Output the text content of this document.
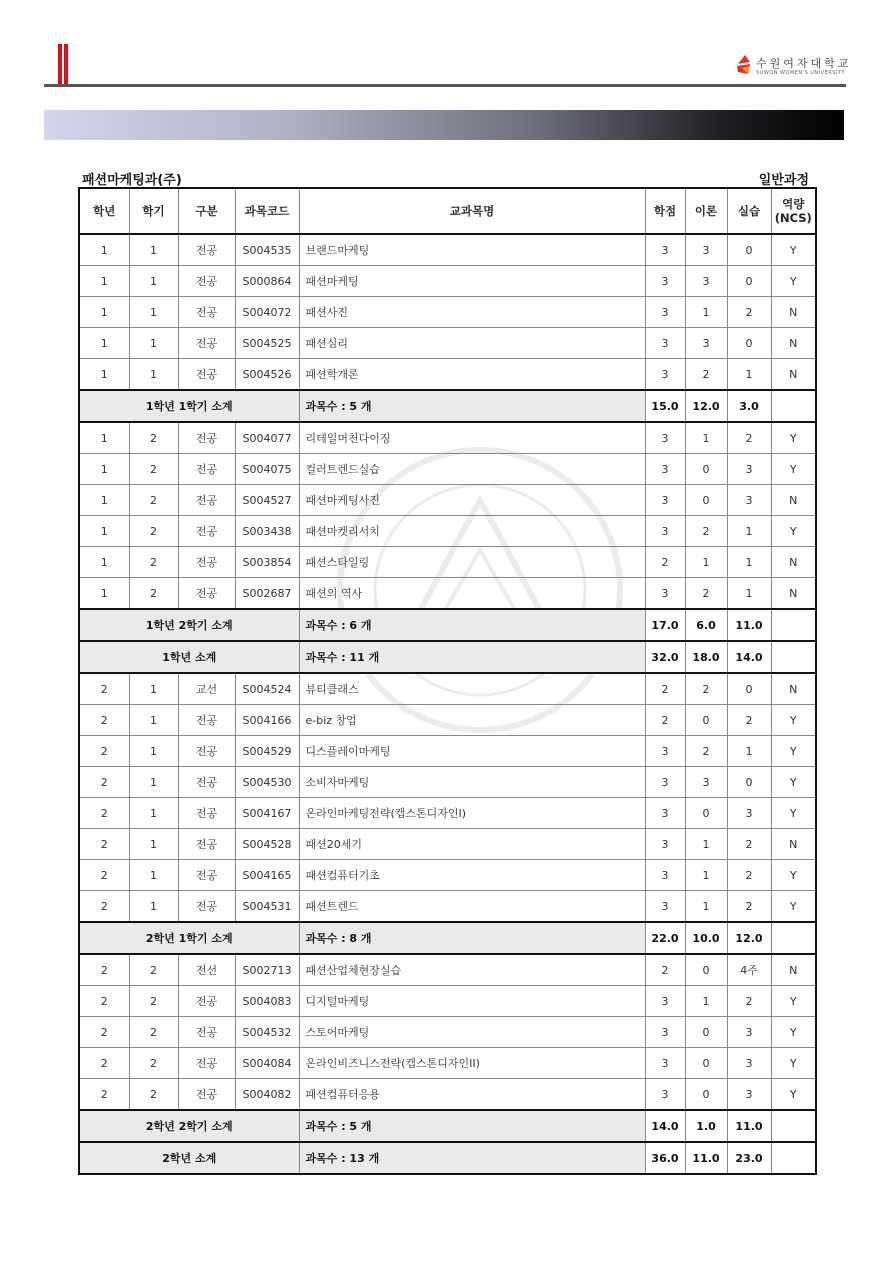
수원여자대학교
SUWON WOMEN'S UNIVERSITY
패션마케팅과(주)	일반과정
학년	학기	구분	과목코드	교과목명	학점	이론	실습	역량
(NCS)
1	1	전공	S004535	브랜드마케팅	3	3	0	Y
1	1	전공	S000864	패션마케팅	3	3	0	Y
1	1	전공	S004072	패션사진	3	1	2	N
1	1	전공	S004525	패션심리	3	3	0	N
1	1	전공	S004526	패션학개론	3	2	1	N
1학년 1학기 소계				과목수 : 5 개	15.0	12.0	3.0	
1	2	전공	S004077	리테일머천다이징	3	1	2	Y
1	2	전공	S004075	컬러트렌드실습	3	0	3	Y
1	2	전공	S004527	패션마케팅사진	3	0	3	N
1	2	전공	S003438	패션마켓리서치	3	2	1	Y
1	2	전공	S003854	패션스타일링	2	1	1	N
1	2	전공	S002687	패션의 역사	3	2	1	N
1학년 2학기 소계				과목수 : 6 개	17.0	6.0	11.0	
1학년 소계				과목수 : 11 개	32.0	18.0	14.0	
2	1	교선	S004524	뷰티클래스	2	2	0	N
2	1	전공	S004166	e-biz 창업	2	0	2	Y
2	1	전공	S004529	디스플레이마케팅	3	2	1	Y
2	1	전공	S004530	소비자마케팅	3	3	0	Y
2	1	전공	S004167	온라인마케팅전략(캡스톤디자인I)	3	0	3	Y
2	1	전공	S004528	패션20세기	3	1	2	N
2	1	전공	S004165	패션컴퓨터기초	3	1	2	Y
2	1	전공	S004531	패션트렌드	3	1	2	Y
2학년 1학기 소계				과목수 : 8 개	22.0	10.0	12.0	
2	2	전선	S002713	패션산업체현장실습	2	0	4주	N
2	2	전공	S004083	디지털마케팅	3	1	2	Y
2	2	전공	S004532	스토어마케팅	3	0	3	Y
2	2	전공	S004084	온라인비즈니스전략(캡스톤디자인II)	3	0	3	Y
2	2	전공	S004082	패션컴퓨터응용	3	0	3	Y
2학년 2학기 소계				과목수 : 5 개	14.0	1.0	11.0	
2학년 소계				과목수 : 13 개	36.0	11.0	23.0	
